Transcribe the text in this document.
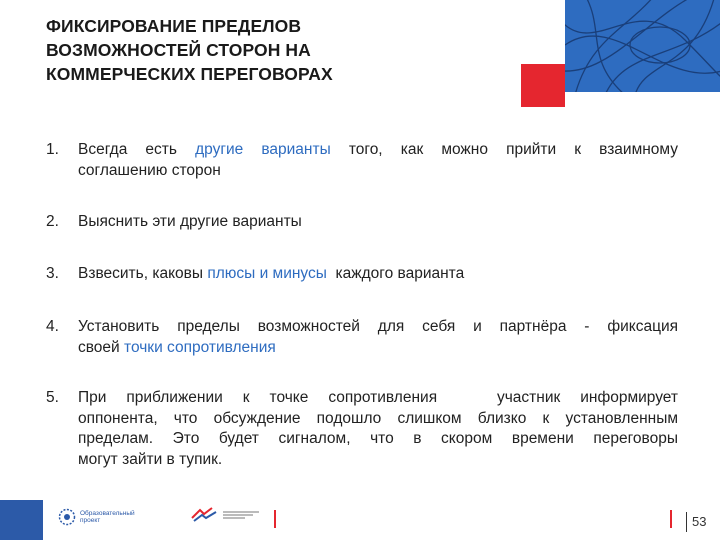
ФИКСИРОВАНИЕ ПРЕДЕЛОВ
ВОЗМОЖНОСТЕЙ СТОРОН НА
КОММЕРЧЕСКИХ ПЕРЕГОВОРАХ
1.	Всегда есть другие варианты того, как можно прийти к взаимному
соглашению сторон
2.	Выяснить эти другие варианты
3.	Взвесить, каковы плюсы и минусы  каждого варианта
4.	Установить пределы возможностей для себя и партнёра - фиксация
своей точки сопротивления
5.	При приближении к точке сопротивления   участник информирует
оппонента, что обсуждение подошло слишком близко к установленным
пределам. Это будет сигналом, что в скором времени переговоры
могут зайти в тупик.
Образовательный проект	53
